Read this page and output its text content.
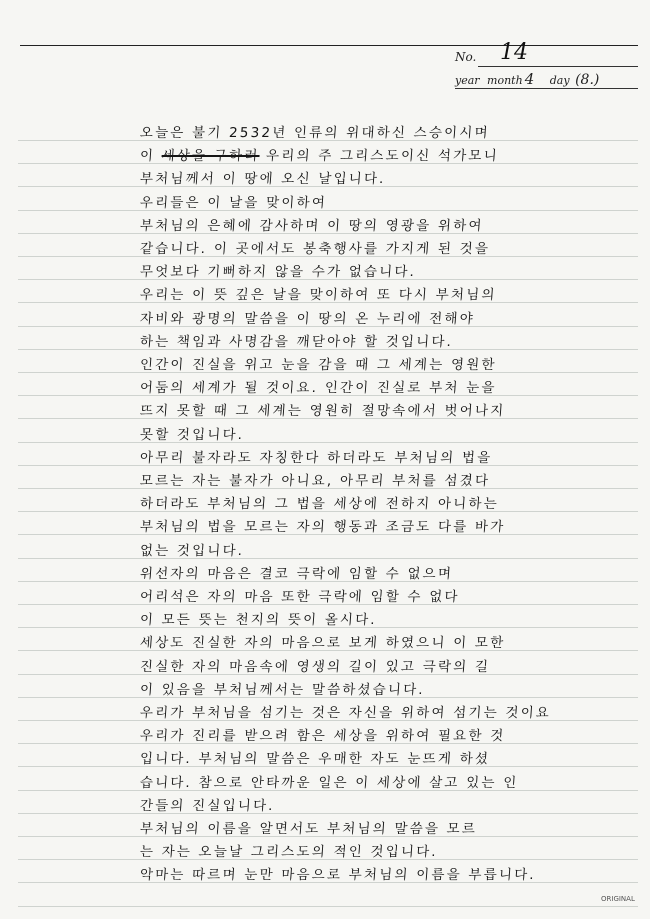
No. 14
year month 4 day (8.)
오늘은 불기 2532년 인류의 위대하신 스승이시며
이 세상을 구하러 우리의 주 그리스도이신 석가모니
부처님께서 이 땅에 오신 날입니다.
우리들은 이 날을 맞이하여
부처님의 은혜에 감사하며 이 땅의 영광을 위하여
같습니다. 이 곳에서도 봉축행사를 가지게 된 것을
무엇보다 기뻐하지 않을 수가 없습니다.
우리는 이 뜻 깊은 날을 맞이하여 또 다시 부처님의
자비와 광명의 말씀을 이 땅의 온 누리에 전해야
하는 책임과 사명감을 깨닫아야 할 것입니다.
인간이 진실을 위고 눈을 감을 때 그 세계는 영원한
어둠의 세계가 될 것이요. 인간이 진실로 부처 눈을
뜨지 못할 때 그 세계는 영원히 절망속에서 벗어나지
못할 것입니다.
아무리 불자라도 자칭한다 하더라도 부처님의 법을
모르는 자는 불자가 아니요, 아무리 부처를 섬겼다
하더라도 부처님의 그 법을 세상에 전하지 아니하는
부처님의 법을 모르는 자의 행동과 조금도 다를 바가
없는 것입니다.
위선자의 마음은 결코 극락에 임할 수 없으며
어리석은 자의 마음 또한 극락에 임할 수 없다
이 모든 뜻는 천지의 뜻이 올시다.
세상도 진실한 자의 마음으로 보게 하였으니 이 모한
진실한 자의 마음속에 영생의 길이 있고 극락의 길
이 있음을 부처님께서는 말씀하셨습니다.
우리가 부처님을 섬기는 것은 자신을 위하여 섬기는 것이요
우리가 진리를 받으려 함은 세상을 위하여 필요한 것
입니다. 부처님의 말씀은 우매한 자도 눈뜨게 하셨
습니다. 참으로 안타까운 일은 이 세상에 살고 있는 인
간들의 진실입니다.
부처님의 이름을 알면서도 부처님의 말씀을 모르
는 자는 오늘날 그리스도의 적인 것입니다.
악마는 따르며 눈만 마음으로 부처님의 이름을 부릅니다.
ORIGINAL
